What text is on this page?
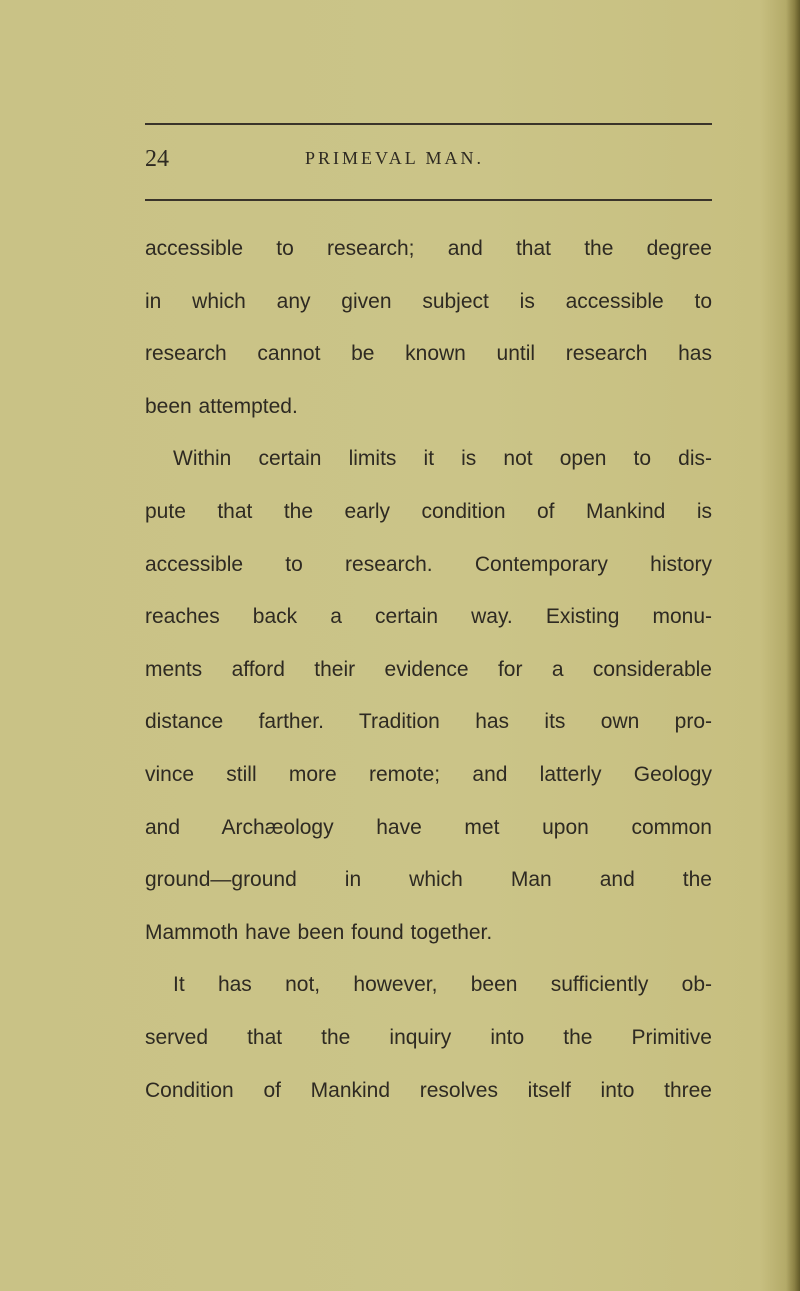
24	PRIMEVAL MAN.
accessible to research; and that the degree
in which any given subject is accessible to
research cannot be known until research has
been attempted.
Within certain limits it is not open to dis-
pute that the early condition of Mankind is
accessible to research. Contemporary history
reaches back a certain way. Existing monu-
ments afford their evidence for a considerable
distance farther. Tradition has its own pro-
vince still more remote; and latterly Geology
and Archæology have met upon common
ground—ground in which Man and the
Mammoth have been found together.
It has not, however, been sufficiently ob-
served that the inquiry into the Primitive
Condition of Mankind resolves itself into three
